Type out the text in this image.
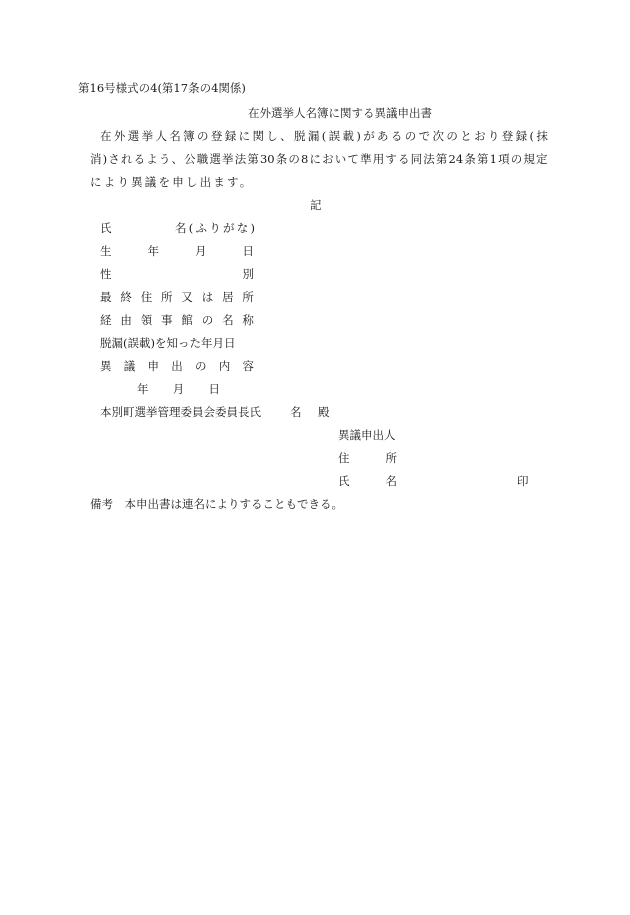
第16号様式の4(第17条の4関係)
在外選挙人名簿に関する異議申出書
在 外 選 挙 人 名 簿 の 登 録 に 関 し 、 脱 漏 ( 誤 載 ) が あ る の で 次 の と お り 登 録 ( 抹
消 ) さ れ る よ う 、 公 職 選 挙 法 第 30 条 の 8 に お い て 準 用 す る 同 法 第 24 条 第 1 項 の 規 定
により異議を申し出ます。
記
氏	名 ( ふ り が な )
生	年	月	日
性	別
最 終 住 所 又 は 居 所
経 由 領 事 館 の 名 称
脱漏(誤載)を知った年月日
異 議 申 出 の 内 容
年 月 日
本別町選挙管理委員会委員長氏	名 殿
異議申出人
住	所
氏	名	印
備考　本申出書は連名によりすることもできる。
